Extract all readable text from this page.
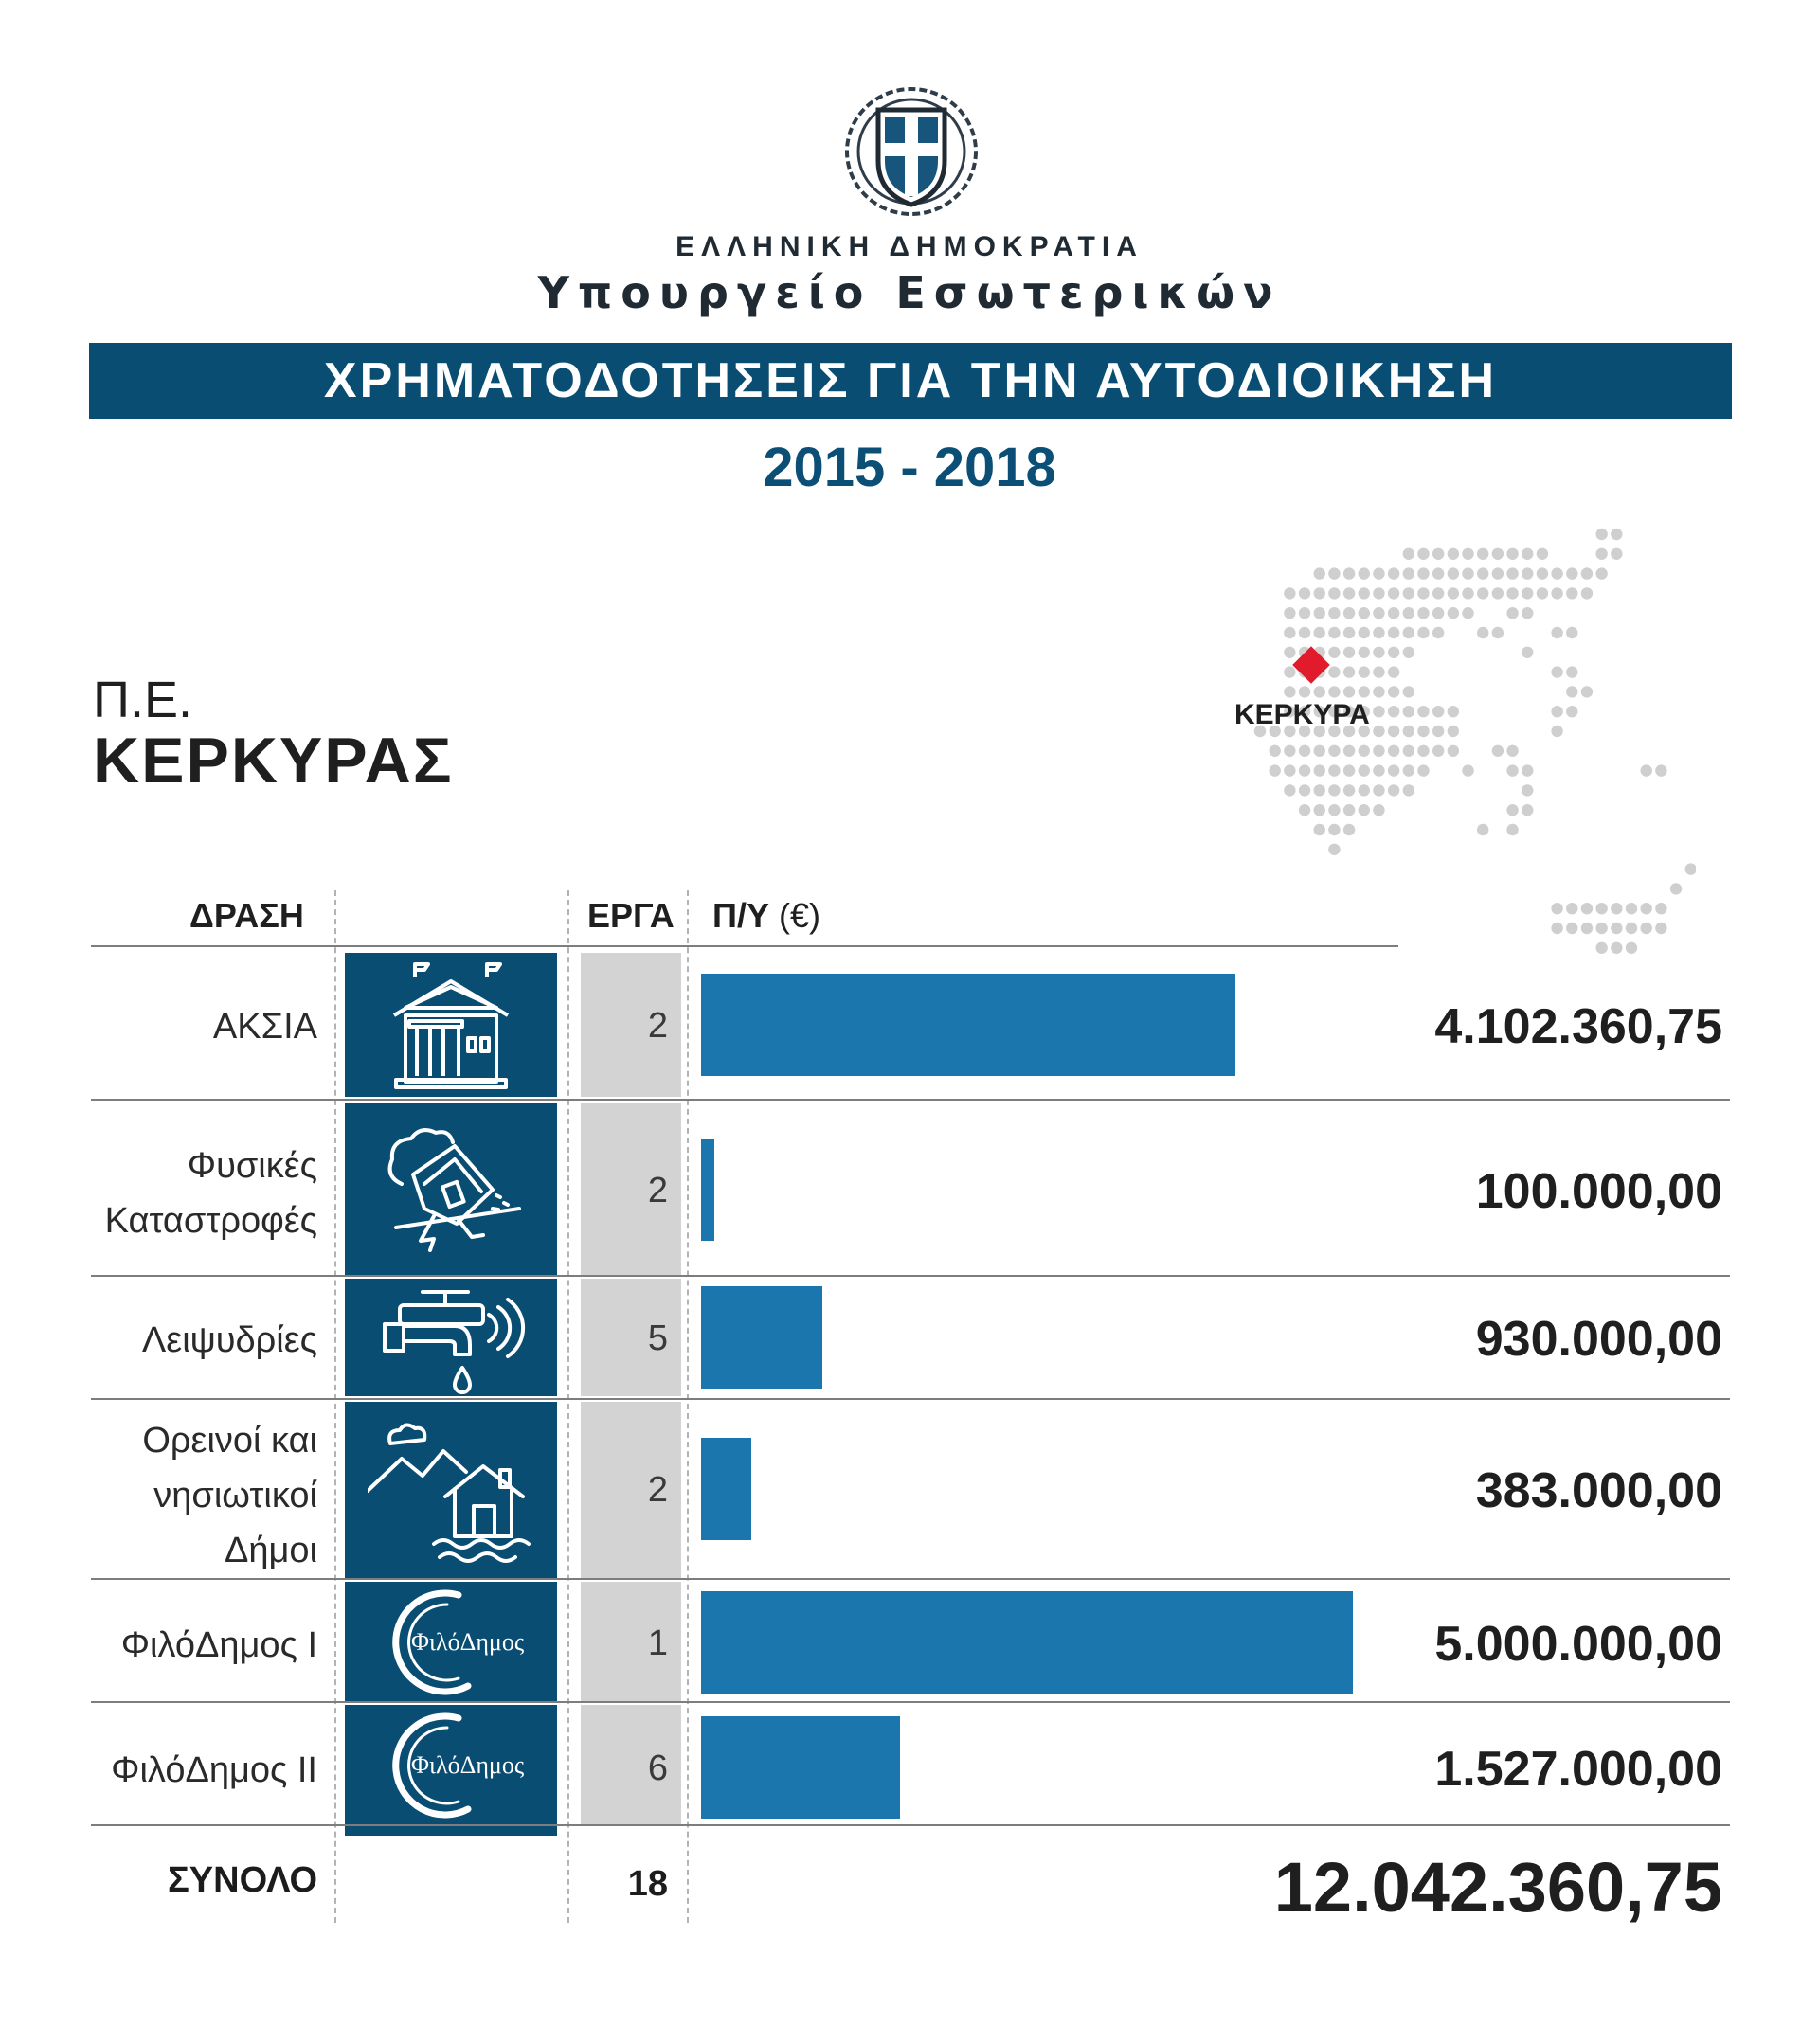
ΕΛΛΗΝΙΚΗ ΔΗΜΟΚΡΑΤΙΑ
Υπουργείο Εσωτερικών
ΧΡΗΜΑΤΟΔΟΤΗΣΕΙΣ ΓΙΑ ΤΗΝ ΑΥΤΟΔΙΟΙΚΗΣΗ
2015 - 2018
Π.Ε.
ΚΕΡΚΥΡΑΣ
ΚΕΡΚΥΡΑ
ΔΡΑΣΗ	ΕΡΓΑ Π/Υ (€)
ΑΚΣΙΑ	2	4.102.360,75
Φυσικές
Καταστροφές
2	100.000,00
Λειψυδρίες	5	930.000,00
Ορεινοί και
νησιωτικοί
Δήμοι
2	383.000,00
ΦιλόΔημος Ι	ΦιλόΔημος	1	5.000.000,00
ΦιλόΔημος ΙΙ	ΦιλόΔημος	6	1.527.000,00
ΣΥΝΟΛΟ	18	12.042.360,75
